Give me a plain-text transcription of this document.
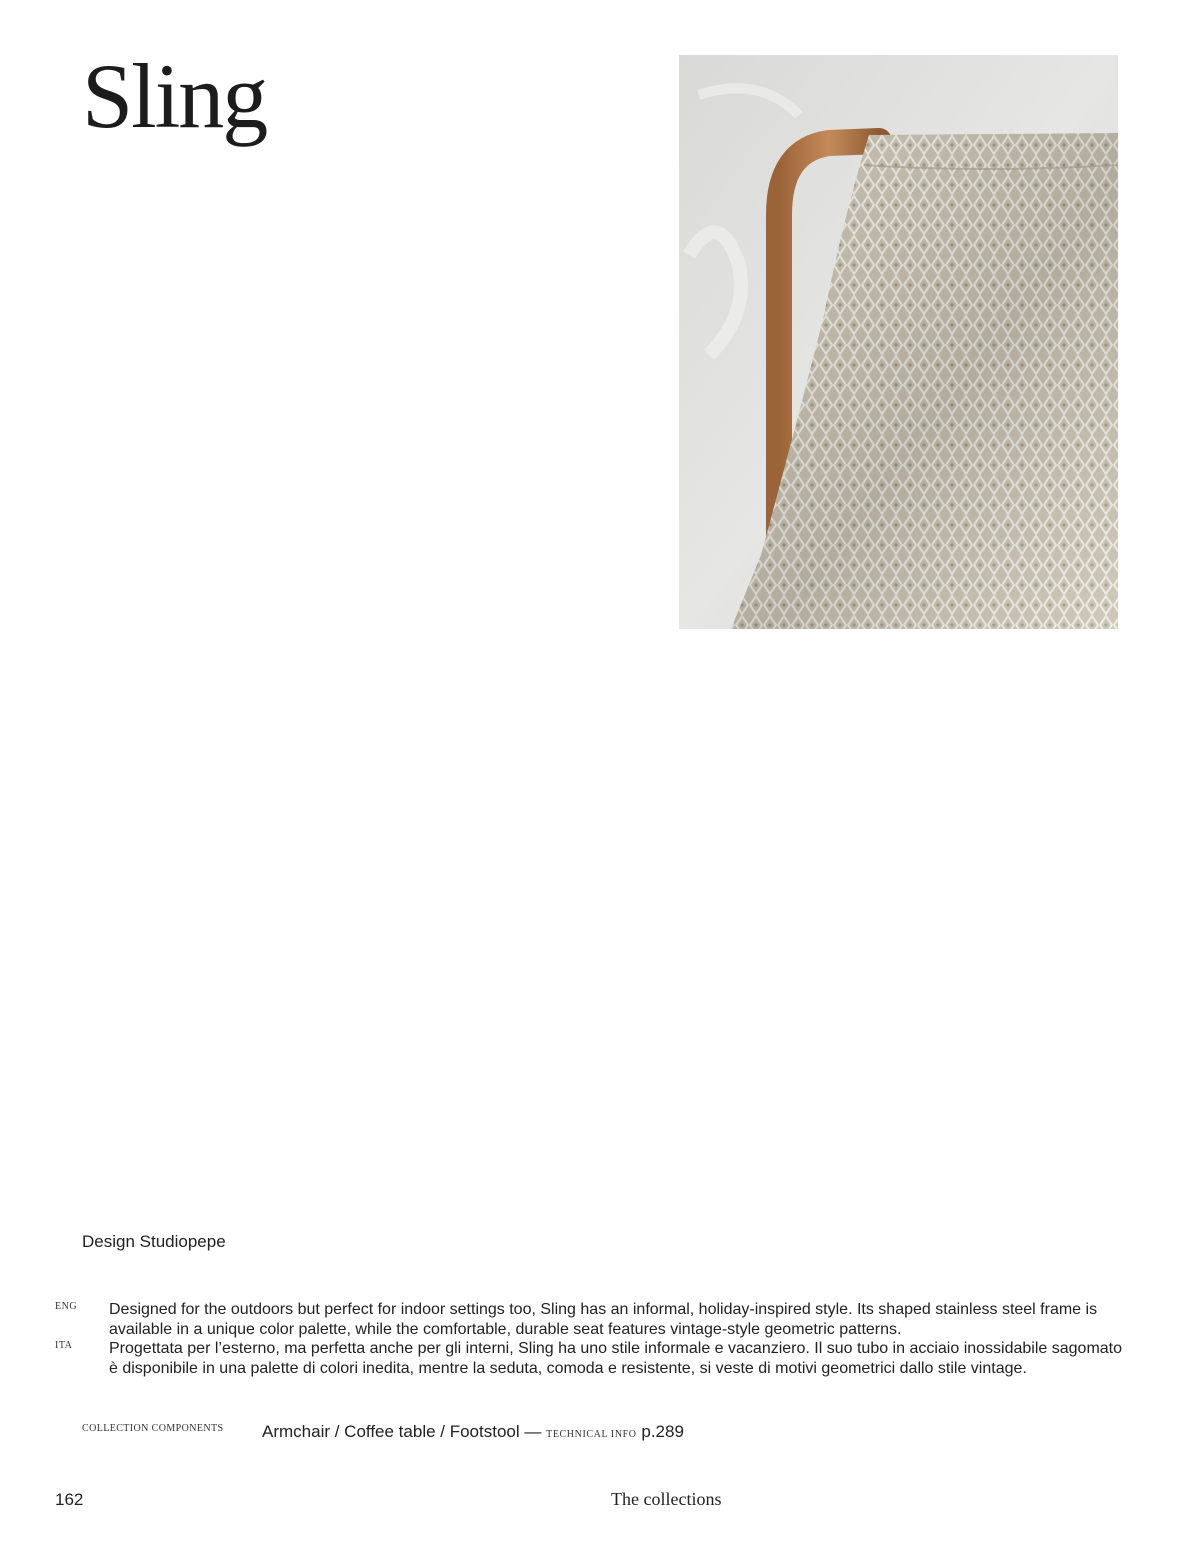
Sling
Design Studiopepe
ENG Designed for the outdoors but perfect for indoor settings too, Sling has an informal, holiday-inspired style. Its shaped stainless steel frame is available in a unique color palette, while the comfortable, durable seat features vintage-style geometric patterns.

ITA Progettata per l’esterno, ma perfetta anche per gli interni, Sling ha uno stile informale e vacanziero. Il suo tubo in acciaio inossidabile sagomato è disponibile in una palette di colori inedita, mentre la seduta, comoda e resistente, si veste di motivi geometrici dallo stile vintage.

COLLECTION COMPONENTS Armchair / Coffee table / Footstool — TECHNICAL INFO p.289
162	The collections
